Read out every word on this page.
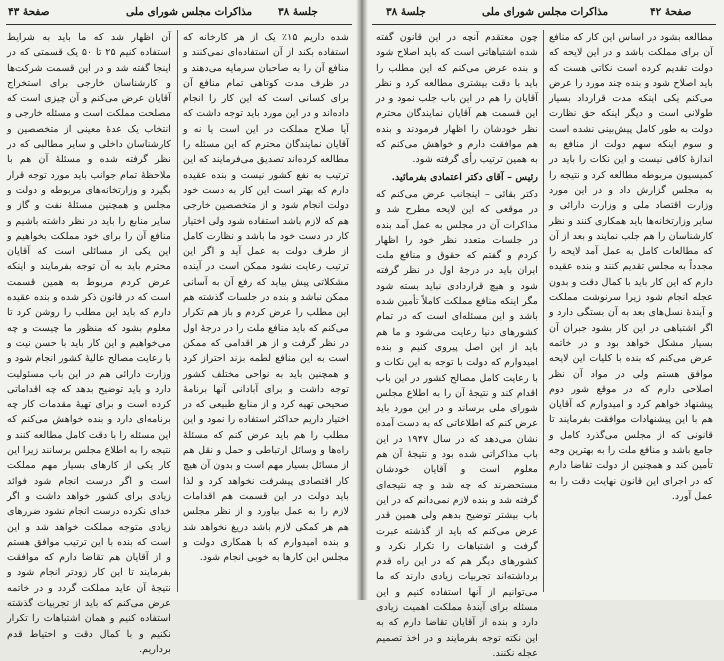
صفحهٔ ۴۳	مذاکرات مجلس شورای ملی جلسهٔ ۳۸

آن اظهار شد که ما باید به شرایط استفاده کنیم ۲۵ تا ۵۰ یک قسمتی که در اینجا گفته شد و در این قسمت شرکت‌ها و کارشناسان خارجی برای استخراج آقایان عرض می‌کنم و آن چیزی است که مصلحت مملکت است و مسئله خارجی و انتخاب یک عدهٔ معینی از متخصصین و کارشناسان داخلی و سایر مطالبی که در نظر گرفته شده و مسئلهٔ آن هم با ملاحظهٔ تمام جوانب باید مورد توجه قرار بگیرد و وزارتخانه‌های مربوطه و دولت و مجلس و همچنین مسئلهٔ نفت و گاز و سایر منابع را باید در نظر داشته باشیم و منافع آن را برای خود مملکت بخواهیم و این یکی از مسائلی است که آقایان محترم باید به آن توجه بفرمایند و اینکه عرض کردم مربوط به همین قسمت است که در قانون ذکر شده و بنده عقیده دارم که باید این مطلب را روشن کرد تا معلوم بشود که منظور ما چیست و چه می‌خواهیم و این کار باید با حسن نیت و با رعایت مصالح عالیهٔ کشور انجام شود و وزارت دارائی هم در این باب مسئولیت دارد و باید توضیح بدهد که چه اقداماتی کرده است و برای تهیهٔ مقدمات کار چه برنامه‌ای دارد و بنده خواهش می‌کنم که این مسئله را با دقت کامل مطالعه کنند و نتیجه را به اطلاع مجلس برسانند زیرا این کار یکی از کارهای بسیار مهم مملکت است و اگر درست انجام شود فوائد زیادی برای کشور خواهد داشت و اگر خدای نکرده درست انجام نشود ضررهای زیادی متوجه مملکت خواهد شد و این است که بنده با این ترتیب موافق هستم و از آقایان هم تقاضا دارم که موافقت بفرمایند تا این کار زودتر انجام شود و نتیجهٔ آن عاید مملکت گردد و در خاتمه عرض می‌کنم که باید از تجربیات گذشته استفاده کنیم و همان اشتباهات را تکرار نکنیم و با کمال دقت و احتیاط قدم برداریم.

شده داریم ۱۵٪ یک از هر کارخانه که استفاده بکند از آن استفاده‌ای نمی‌کنند و منافع آن را به صاحبان سرمایه می‌دهند و در ظرف مدت کوتاهی تمام منافع آن برای کسانی است که این کار را انجام داده‌اند و در این مورد باید توجه داشت که آیا صلاح مملکت در این است یا نه و آقایان نمایندگان محترم که این مسئله را مطالعه کرده‌اند تصدیق می‌فرمایند که این ترتیب به نفع کشور نیست و بنده عقیده دارم که بهتر است این کار به دست خود دولت انجام شود و از متخصصین خارجی هم که لازم باشد استفاده شود ولی اختیار کار در دست خود ما باشد و نظارت کامل از طرف دولت به عمل آید و اگر این ترتیب رعایت نشود ممکن است در آینده مشکلاتی پیش بیاید که رفع آن به آسانی ممکن نباشد و بنده در جلسات گذشته هم این مطلب را عرض کردم و باز هم تکرار می‌کنم که باید منافع ملت را در درجهٔ اول در نظر گرفت و از هر اقدامی که ممکن است به این منافع لطمه بزند احتراز کرد و همچنین باید به نواحی مختلف کشور توجه داشت و برای آبادانی آنها برنامهٔ صحیحی تهیه کرد و از منابع طبیعی که در اختیار داریم حداکثر استفاده را نمود و این مطلب را هم باید عرض کنم که مسئلهٔ راه‌ها و وسائل ارتباطی و حمل و نقل هم از مسائل بسیار مهم است و بدون آن هیچ کار اقتصادی پیشرفت نخواهد کرد و لذا باید دولت در این قسمت هم اقدامات لازم را به عمل بیاورد و از نظر مجلس هم هر کمکی لازم باشد دریغ نخواهد شد و بنده امیدوارم که با همکاری دولت و مجلس این کارها به خوبی انجام شود.

جلسهٔ ۳۸	مذاکرات مجلس شورای ملی	صفحهٔ ۴۲

چون معتقدم آنچه در این قانون گفته شده اشتباهاتی است که باید اصلاح شود و بنده عرض می‌کنم که این مطلب را باید با دقت بیشتری مطالعه کرد و نظر آقایان را هم در این باب جلب نمود و در این قسمت هم آقایان نمایندگان محترم نظر خودشان را اظهار فرمودند و بنده هم موافقت دارم و خواهش می‌کنم که به همین ترتیب رأی گرفته شود.

رئیس – آقای دکتر اعتمادی بفرمائید.

دکتر بقائی – اینجانب عرض می‌کنم که در موقعی که این لایحه مطرح شد و مذاکرات آن در مجلس به عمل آمد بنده در جلسات متعدد نظر خود را اظهار کردم و گفتم که حقوق و منافع ملت ایران باید در درجهٔ اول در نظر گرفته شود و هیچ قراردادی نباید بسته شود مگر اینکه منافع مملکت کاملاً تأمین شده باشد و این مسئله‌ای است که در تمام کشورهای دنیا رعایت می‌شود و ما هم باید از این اصل پیروی کنیم و بنده امیدوارم که دولت با توجه به این نکات و با رعایت کامل مصالح کشور در این باب اقدام کند و نتیجهٔ آن را به اطلاع مجلس شورای ملی برساند و در این مورد باید عرض کنم که اطلاعاتی که به دست آمده نشان می‌دهد که در سال ۱۹۴۷ در این باب مذاکراتی شده بود و نتیجهٔ آن هم معلوم است و آقایان خودشان مستحضرند که چه شد و چه نتیجه‌ای گرفته شد و بنده لازم نمی‌دانم که در این باب بیشتر توضیح بدهم ولی همین قدر عرض می‌کنم که باید از گذشته عبرت گرفت و اشتباهات را تکرار نکرد و کشورهای دیگر هم که در این راه قدم برداشته‌اند تجربیات زیادی دارند که ما می‌توانیم از آنها استفاده کنیم و این مسئله برای آیندهٔ مملکت اهمیت زیادی دارد و بنده از آقایان تقاضا دارم که به این نکته توجه بفرمایند و در اخذ تصمیم عجله نکنند.

مطالعه بشود در اساس این کار که منافع آن برای مملکت باشد و در این لایحه که دولت تقدیم کرده است نکاتی هست که باید اصلاح شود و بنده چند مورد را عرض می‌کنم یکی اینکه مدت قرارداد بسیار طولانی است و دیگر اینکه حق نظارت دولت به طور کامل پیش‌بینی نشده است و سوم اینکه سهم دولت از منافع به اندازهٔ کافی نیست و این نکات را باید در کمیسیون مربوطه مطالعه کرد و نتیجه را به مجلس گزارش داد و در این مورد وزارت اقتصاد ملی و وزارت دارائی و سایر وزارتخانه‌ها باید همکاری کنند و نظر کارشناسان را هم جلب نمایند و بعد از آن که مطالعات کامل به عمل آمد لایحه را مجدداً به مجلس تقدیم کنند و بنده عقیده دارم که این کار باید با کمال دقت و بدون عجله انجام شود زیرا سرنوشت مملکت و آیندهٔ نسل‌های بعد به آن بستگی دارد و اگر اشتباهی در این کار بشود جبران آن بسیار مشکل خواهد بود و در خاتمه عرض می‌کنم که بنده با کلیات این لایحه موافق هستم ولی در مواد آن نظر اصلاحی دارم که در موقع شور دوم پیشنهاد خواهم کرد و امیدوارم که آقایان هم با این پیشنهادات موافقت بفرمایند تا قانونی که از مجلس می‌گذرد کامل و جامع باشد و منافع ملت را به بهترین وجه تأمین کند و همچنین از دولت تقاضا دارم که در اجرای این قانون نهایت دقت را به عمل آورد.
